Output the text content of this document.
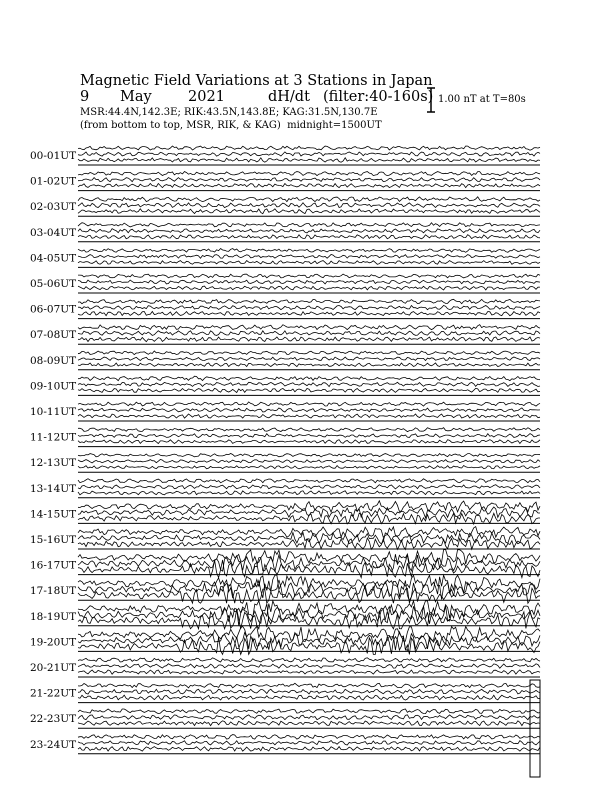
Magnetic Field Variations at 3 Stations in Japan
9 May	2021	dH/dt (filter:40-160s)
MSR:44.4N,142.3E; RIK:43.5N,143.8E; KAG:31.5N,130.7E
(from bottom to top, MSR, RIK, & KAG) midnight=1500UT
1.00 nT at T=80s
00-01UT
01-02UT
02-03UT
03-04UT
04-05UT
05-06UT
06-07UT
07-08UT
08-09UT
09-10UT
10-11UT
11-12UT
12-13UT
13-14UT
14-15UT
15-16UT
16-17UT
17-18UT
18-19UT
19-20UT
20-21UT
21-22UT
22-23UT
23-24UT
